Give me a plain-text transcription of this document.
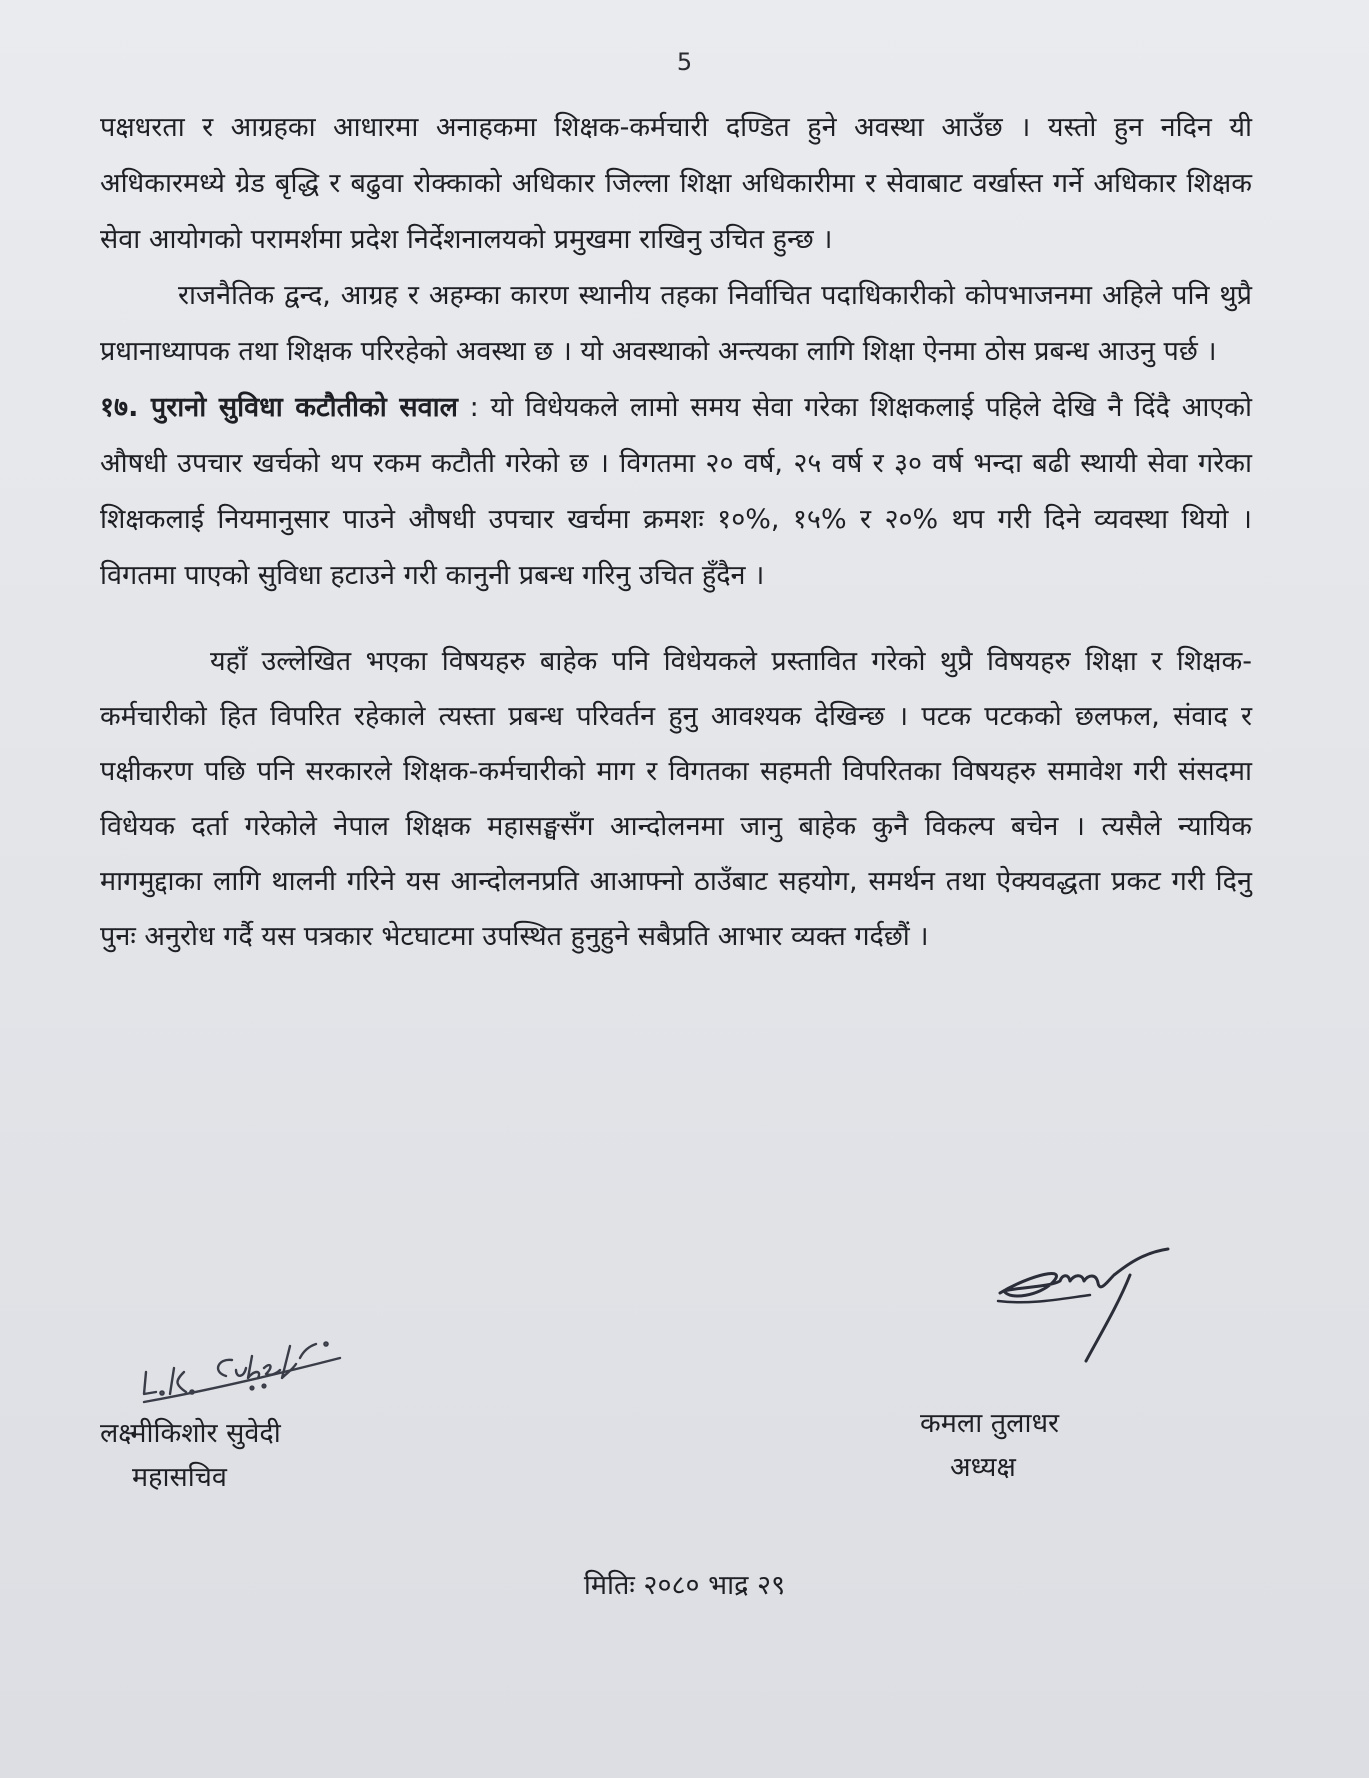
5

पक्षधरता र आग्रहका आधारमा अनाहकमा शिक्षक-कर्मचारी दण्डित हुने अवस्था आउँछ । यस्तो हुन नदिन यी अधिकारमध्ये ग्रेड बृद्धि र बढुवा रोक्काको अधिकार जिल्ला शिक्षा अधिकारीमा र सेवाबाट वर्खास्त गर्ने अधिकार शिक्षक सेवा आयोगको परामर्शमा प्रदेश निर्देशनालयको प्रमुखमा राखिनु उचित हुन्छ ।

राजनैतिक द्वन्द, आग्रह र अहम्का कारण स्थानीय तहका निर्वाचित पदाधिकारीको कोपभाजनमा अहिले पनि थुप्रै प्रधानाध्यापक तथा शिक्षक परिरहेको अवस्था छ । यो अवस्थाको अन्त्यका लागि शिक्षा ऐनमा ठोस प्रबन्ध आउनु पर्छ ।

१७. पुरानो सुविधा कटौतीको सवाल : यो विधेयकले लामो समय सेवा गरेका शिक्षकलाई पहिले देखि नै दिंदै आएको औषधी उपचार खर्चको थप रकम कटौती गरेको छ । विगतमा २० वर्ष, २५ वर्ष र ३० वर्ष भन्दा बढी स्थायी सेवा गरेका शिक्षकलाई नियमानुसार पाउने औषधी उपचार खर्चमा क्रमशः १०%, १५% र २०% थप गरी दिने व्यवस्था थियो । विगतमा पाएको सुविधा हटाउने गरी कानुनी प्रबन्ध गरिनु उचित हुँदैन ।

यहाँ उल्लेखित भएका विषयहरु बाहेक पनि विधेयकले प्रस्तावित गरेको थुप्रै विषयहरु शिक्षा र शिक्षक-कर्मचारीको हित विपरित रहेकाले त्यस्ता प्रबन्ध परिवर्तन हुनु आवश्यक देखिन्छ । पटक पटकको छलफल, संवाद र पक्षीकरण पछि पनि सरकारले शिक्षक-कर्मचारीको माग र विगतका सहमती विपरितका विषयहरु समावेश गरी संसदमा विधेयक दर्ता गरेकोले नेपाल शिक्षक महासङ्घसँग आन्दोलनमा जानु बाहेक कुनै विकल्प बचेन । त्यसैले न्यायिक मागमुद्दाका लागि थालनी गरिने यस आन्दोलनप्रति आआफ्नो ठाउँबाट सहयोग, समर्थन तथा ऐक्यवद्धता प्रकट गरी दिनु पुनः अनुरोध गर्दै यस पत्रकार भेटघाटमा उपस्थित हुनुहुने सबैप्रति आभार व्यक्त गर्दछौं ।

लक्ष्मीकिशोर सुवेदी
महासचिव
कमला तुलाधर
अध्यक्ष
मितिः २०८० भाद्र २९
